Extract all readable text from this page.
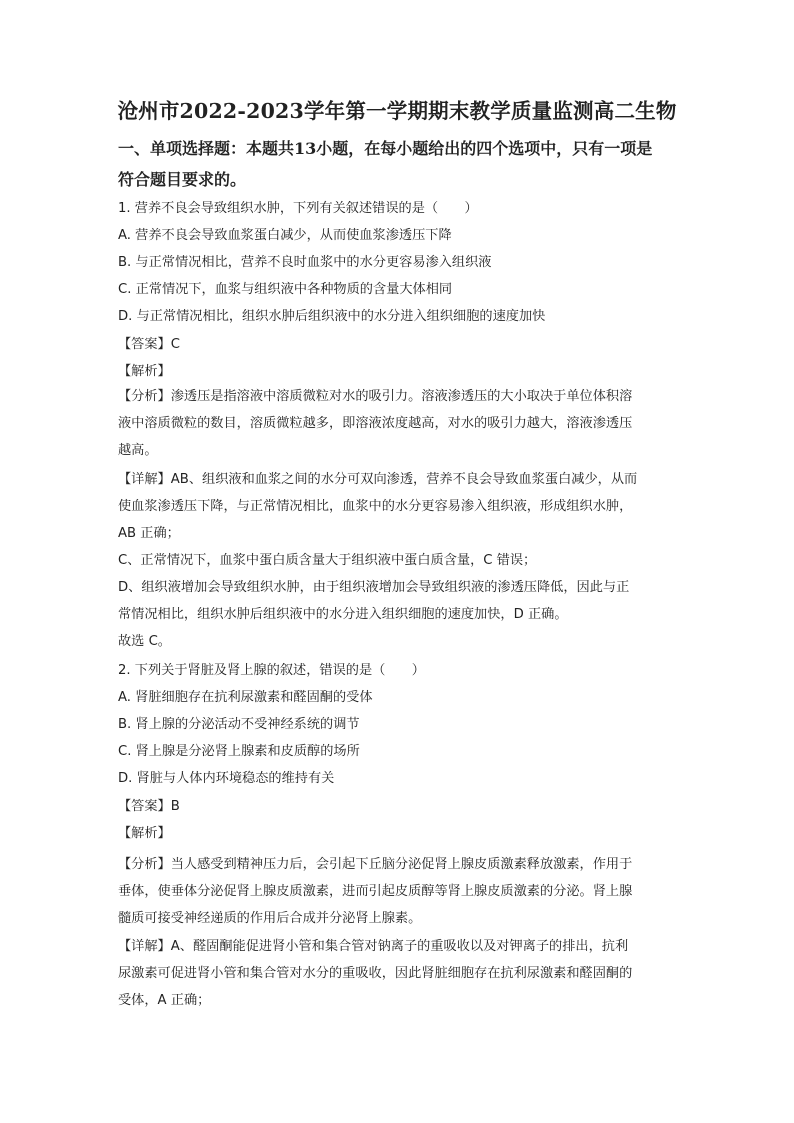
沧州市2022-2023学年第一学期期末教学质量监测高二生物
一、单项选择题：本题共13小题，在每小题给出的四个选项中，只有一项是
符合题目要求的。
1. 营养不良会导致组织水肿，下列有关叙述错误的是（　　）
A. 营养不良会导致血浆蛋白减少，从而使血浆渗透压下降
B. 与正常情况相比，营养不良时血浆中的水分更容易渗入组织液
C. 正常情况下，血浆与组织液中各种物质的含量大体相同
D. 与正常情况相比，组织水肿后组织液中的水分进入组织细胞的速度加快
【答案】C
【解析】

【分析】渗透压是指溶液中溶质微粒对水的吸引力。溶液渗透压的大小取决于单位体积溶

液中溶质微粒的数目，溶质微粒越多，即溶液浓度越高，对水的吸引力越大，溶液渗透压

越高。

【详解】AB、组织液和血浆之间的水分可双向渗透，营养不良会导致血浆蛋白减少，从而

使血浆渗透压下降，与正常情况相比，血浆中的水分更容易渗入组织液，形成组织水肿，

AB 正确；

C、正常情况下，血浆中蛋白质含量大于组织液中蛋白质含量，C 错误；

D、组织液增加会导致组织水肿，由于组织液增加会导致组织液的渗透压降低，因此与正

常情况相比，组织水肿后组织液中的水分进入组织细胞的速度加快，D 正确。

故选 C。

2. 下列关于肾脏及肾上腺的叙述，错误的是（　　）
A. 肾脏细胞存在抗利尿激素和醛固酮的受体
B. 肾上腺的分泌活动不受神经系统的调节
C. 肾上腺是分泌肾上腺素和皮质醇的场所
D. 肾脏与人体内环境稳态的维持有关
【答案】B
【解析】

【分析】当人感受到精神压力后，会引起下丘脑分泌促肾上腺皮质激素释放激素，作用于

垂体，使垂体分泌促肾上腺皮质激素，进而引起皮质醇等肾上腺皮质激素的分泌。肾上腺

髓质可接受神经递质的作用后合成并分泌肾上腺素。

【详解】A、醛固酮能促进肾小管和集合管对钠离子的重吸收以及对钾离子的排出，抗利

尿激素可促进肾小管和集合管对水分的重吸收，因此肾脏细胞存在抗利尿激素和醛固酮的

受体，A 正确；
